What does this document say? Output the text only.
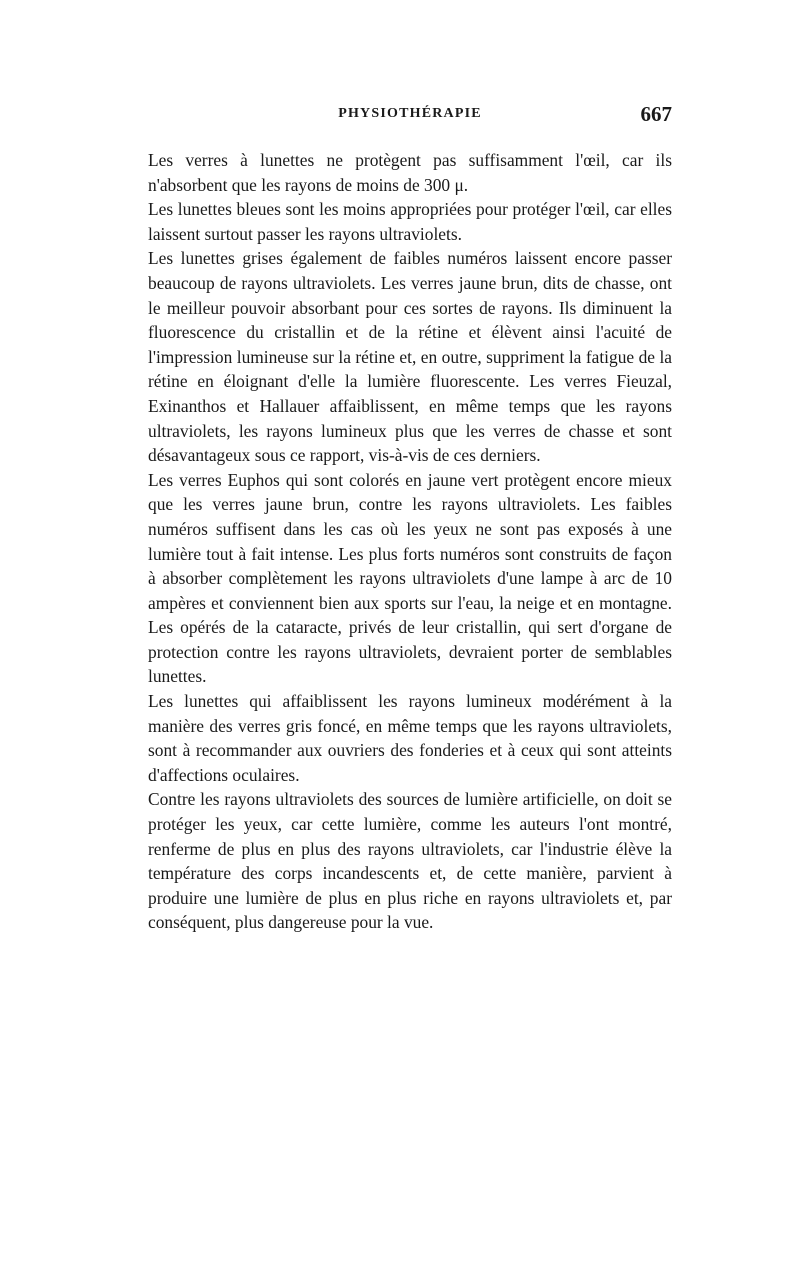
PHYSIOTHÉRAPIE	667

Les verres à lunettes ne protègent pas suffisamment l'œil, car ils n'absorbent que les rayons de moins de 300 μ.

Les lunettes bleues sont les moins appropriées pour protéger l'œil, car elles laissent surtout passer les rayons ultraviolets.

Les lunettes grises également de faibles numéros laissent encore passer beaucoup de rayons ultraviolets. Les verres jaune brun, dits de chasse, ont le meilleur pouvoir absorbant pour ces sortes de rayons. Ils diminuent la fluorescence du cristallin et de la rétine et élèvent ainsi l'acuité de l'impression lumineuse sur la rétine et, en outre, suppriment la fatigue de la rétine en éloignant d'elle la lumière fluorescente. Les verres Fieuzal, Exinanthos et Hallauer affaiblissent, en même temps que les rayons ultraviolets, les rayons lumineux plus que les verres de chasse et sont désavantageux sous ce rapport, vis-à-vis de ces derniers.

Les verres Euphos qui sont colorés en jaune vert protègent encore mieux que les verres jaune brun, contre les rayons ultraviolets. Les faibles numéros suffisent dans les cas où les yeux ne sont pas exposés à une lumière tout à fait intense. Les plus forts numéros sont construits de façon à absorber complètement les rayons ultraviolets d'une lampe à arc de 10 ampères et conviennent bien aux sports sur l'eau, la neige et en montagne. Les opérés de la cataracte, privés de leur cristallin, qui sert d'organe de protection contre les rayons ultraviolets, devraient porter de semblables lunettes.

Les lunettes qui affaiblissent les rayons lumineux modérément à la manière des verres gris foncé, en même temps que les rayons ultraviolets, sont à recommander aux ouvriers des fonderies et à ceux qui sont atteints d'affections oculaires.

Contre les rayons ultraviolets des sources de lumière artificielle, on doit se protéger les yeux, car cette lumière, comme les auteurs l'ont montré, renferme de plus en plus des rayons ultraviolets, car l'industrie élève la température des corps incandescents et, de cette manière, parvient à produire une lumière de plus en plus riche en rayons ultraviolets et, par conséquent, plus dangereuse pour la vue.
